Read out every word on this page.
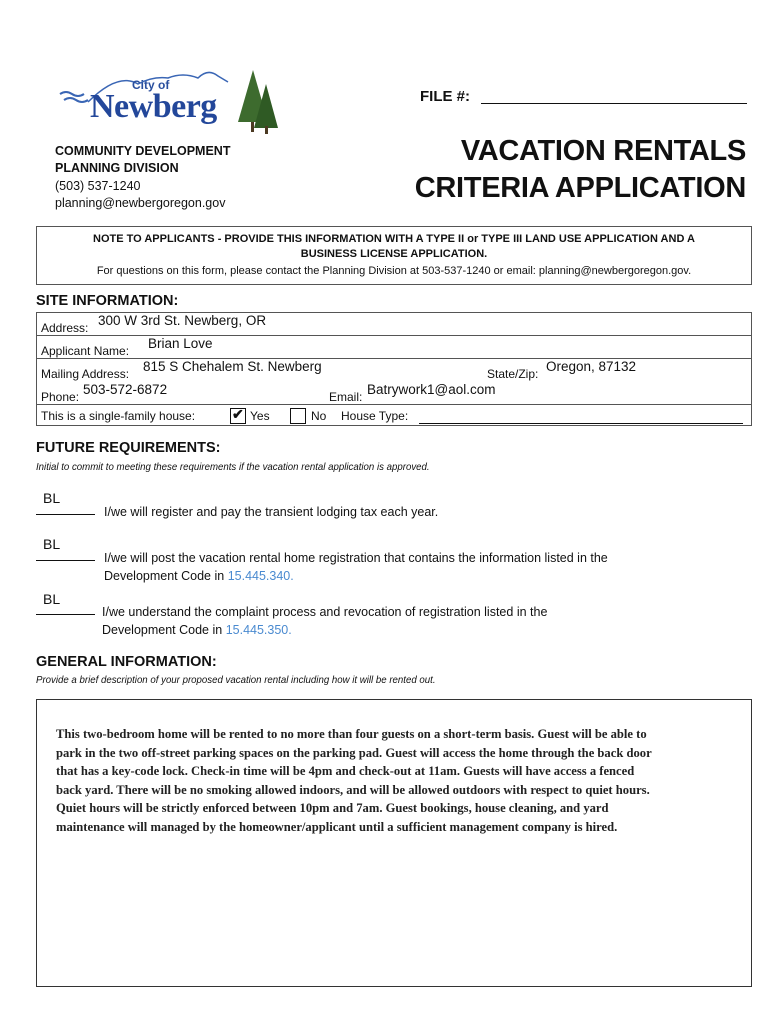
City of
Newberg	FILE #:
COMMUNITY DEVELOPMENT
PLANNING DIVISION
(503) 537-1240
planning@newbergoregon.gov
VACATION RENTALS
CRITERIA APPLICATION
NOTE TO APPLICANTS - PROVIDE THIS INFORMATION WITH A TYPE II or TYPE III LAND USE APPLICATION AND A
BUSINESS LICENSE APPLICATION.
For questions on this form, please contact the Planning Division at 503-537-1240 or email: planning@newbergoregon.gov.
SITE INFORMATION:
Address: 300 W 3rd St. Newberg, OR
Applicant Name: Brian Love
Mailing Address: 815 S Chehalem St. Newberg	State/Zip: Oregon, 87132
Phone: 503-572-6872	Email: Batrywork1@aol.com
This is a single-family house:	✔ Yes	No House Type:
FUTURE REQUIREMENTS:
Initial to commit to meeting these requirements if the vacation rental application is approved.
BL
I/we will register and pay the transient lodging tax each year.
BL
I/we will post the vacation rental home registration that contains the information listed in the
Development Code in 15.445.340.
BL
I/we understand the complaint process and revocation of registration listed in the
Development Code in 15.445.350.
GENERAL INFORMATION:
Provide a brief description of your proposed vacation rental including how it will be rented out.
This two-bedroom home will be rented to no more than four guests on a short-term basis. Guest will be able to
park in the two off-street parking spaces on the parking pad. Guest will access the home through the back door
that has a key-code lock. Check-in time will be 4pm and check-out at 11am. Guests will have access a fenced
back yard. There will be no smoking allowed indoors, and will be allowed outdoors with respect to quiet hours.
Quiet hours will be strictly enforced between 10pm and 7am. Guest bookings, house cleaning, and yard
maintenance will managed by the homeowner/applicant until a sufficient management company is hired.
